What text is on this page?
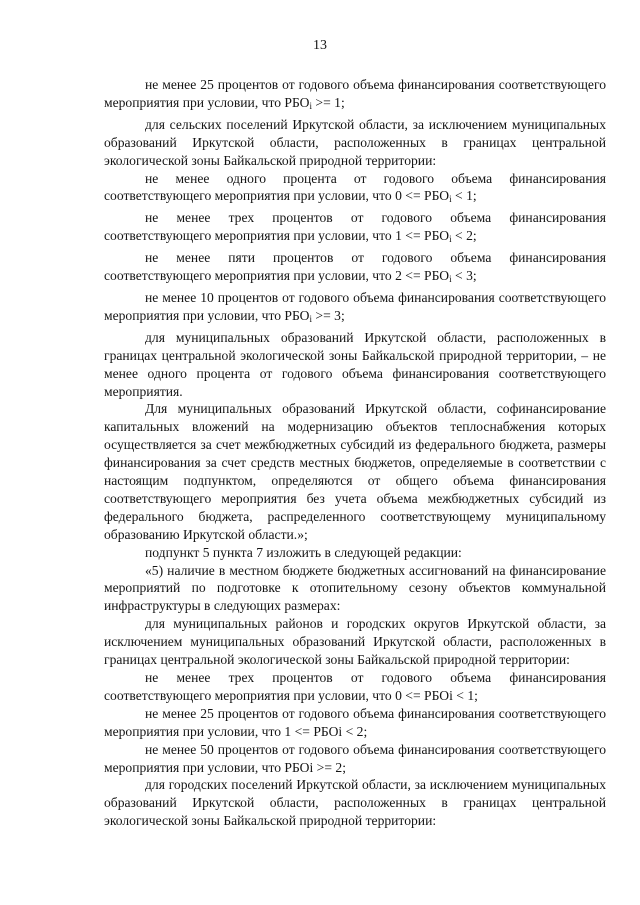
13

не менее 25 процентов от годового объема финансирования соответствующего мероприятия при условии, что $РБО_i >= 1$;

для сельских поселений Иркутской области, за исключением муниципальных образований Иркутской области, расположенных в границах центральной экологической зоны Байкальской природной территории:

не менее одного процента от годового объема финансирования соответствующего мероприятия при условии, что $0 <= РБО_i < 1$;

не менее трех процентов от годового объема финансирования соответствующего мероприятия при условии, что $1 <= РБО_i < 2$;

не менее пяти процентов от годового объема финансирования соответствующего мероприятия при условии, что $2 <= РБО_i < 3$;

не менее 10 процентов от годового объема финансирования соответствующего мероприятия при условии, что $РБО_i >= 3$;

для муниципальных образований Иркутской области, расположенных в границах центральной экологической зоны Байкальской природной территории, – не менее одного процента от годового объема финансирования соответствующего мероприятия.

Для муниципальных образований Иркутской области, софинансирование капитальных вложений на модернизацию объектов теплоснабжения которых осуществляется за счет межбюджетных субсидий из федерального бюджета, размеры финансирования за счет средств местных бюджетов, определяемые в соответствии с настоящим подпунктом, определяются от общего объема финансирования соответствующего мероприятия без учета объема межбюджетных субсидий из федерального бюджета, распределенного соответствующему муниципальному образованию Иркутской области.»;

подпункт 5 пункта 7 изложить в следующей редакции:

«5) наличие в местном бюджете бюджетных ассигнований на финансирование мероприятий по подготовке к отопительному сезону объектов коммунальной инфраструктуры в следующих размерах:

для муниципальных районов и городских округов Иркутской области, за исключением муниципальных образований Иркутской области, расположенных в границах центральной экологической зоны Байкальской природной территории:

не менее трех процентов от годового объема финансирования соответствующего мероприятия при условии, что 0 <= РБОi < 1;

не менее 25 процентов от годового объема финансирования соответствующего мероприятия при условии, что 1 <= РБОi < 2;

не менее 50 процентов от годового объема финансирования соответствующего мероприятия при условии, что РБОi >= 2;

для городских поселений Иркутской области, за исключением муниципальных образований Иркутской области, расположенных в границах центральной экологической зоны Байкальской природной территории:
